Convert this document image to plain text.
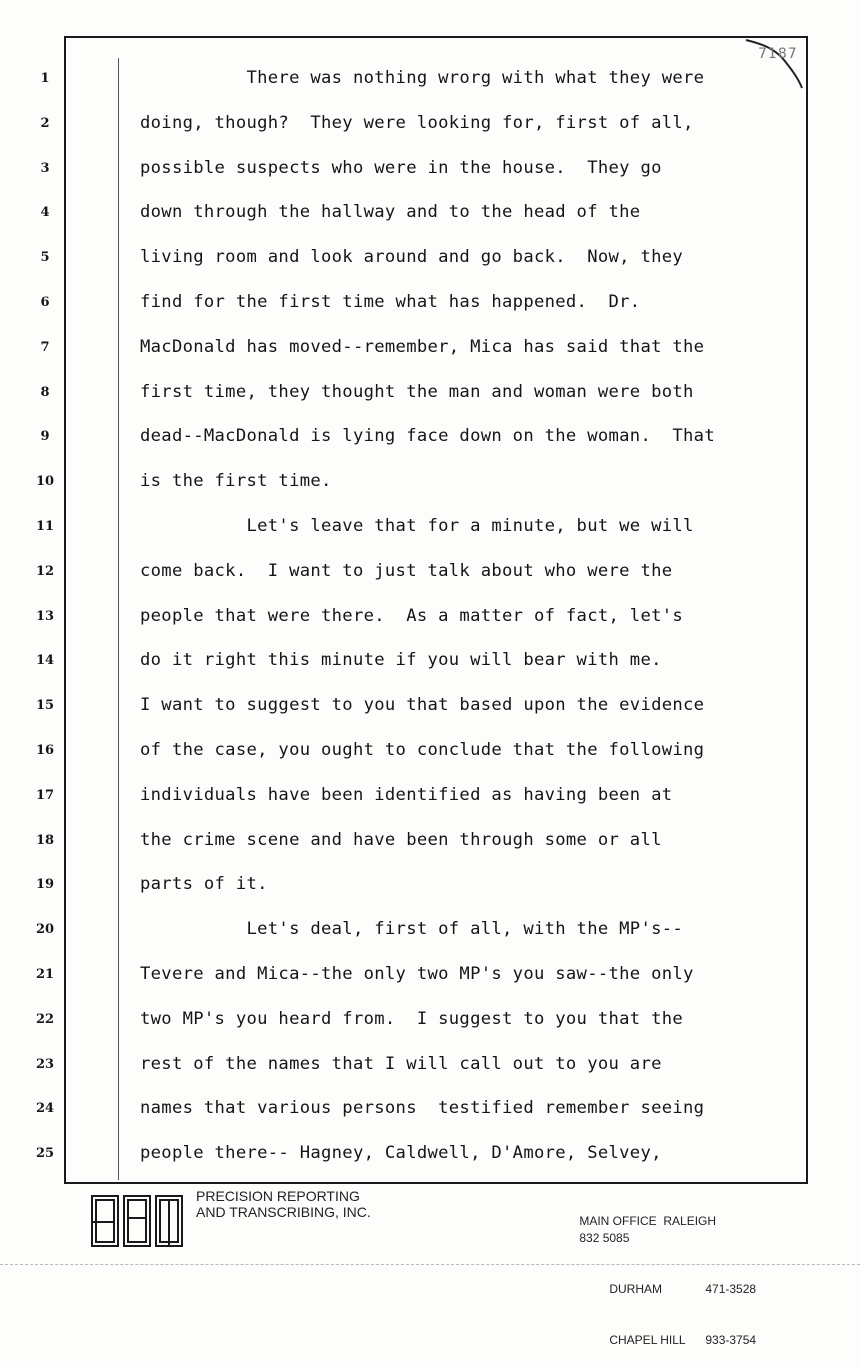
7187
1	There was nothing wrorg with what they were
2	doing, though?  They were looking for, first of all,
3	possible suspects who were in the house.  They go
4	down through the hallway and to the head of the
5	living room and look around and go back.  Now, they
6	find for the first time what has happened.  Dr.
7	MacDonald has moved--remember, Mica has said that the
8	first time, they thought the man and woman were both
9	dead--MacDonald is lying face down on the woman.  That
10	is the first time.
11	Let's leave that for a minute, but we will
12	come back.  I want to just talk about who were the
13	people that were there.  As a matter of fact, let's
14	do it right this minute if you will bear with me.
15	I want to suggest to you that based upon the evidence
16	of the case, you ought to conclude that the following
17	individuals have been identified as having been at
18	the crime scene and have been through some or all
19	parts of it.
20	Let's deal, first of all, with the MP's--
21	Tevere and Mica--the only two MP's you saw--the only
22	two MP's you heard from.  I suggest to you that the
23	rest of the names that I will call out to you are
24	names that various persons  testified remember seeing
25	people there-- Hagney, Caldwell, D'Amore, Selvey,
PRECISION REPORTING
AND TRANSCRIBING, INC.

MAIN OFFICE  RALEIGH
832 5085

DURHAM	471-3528

CHAPEL HILL 933-3754
